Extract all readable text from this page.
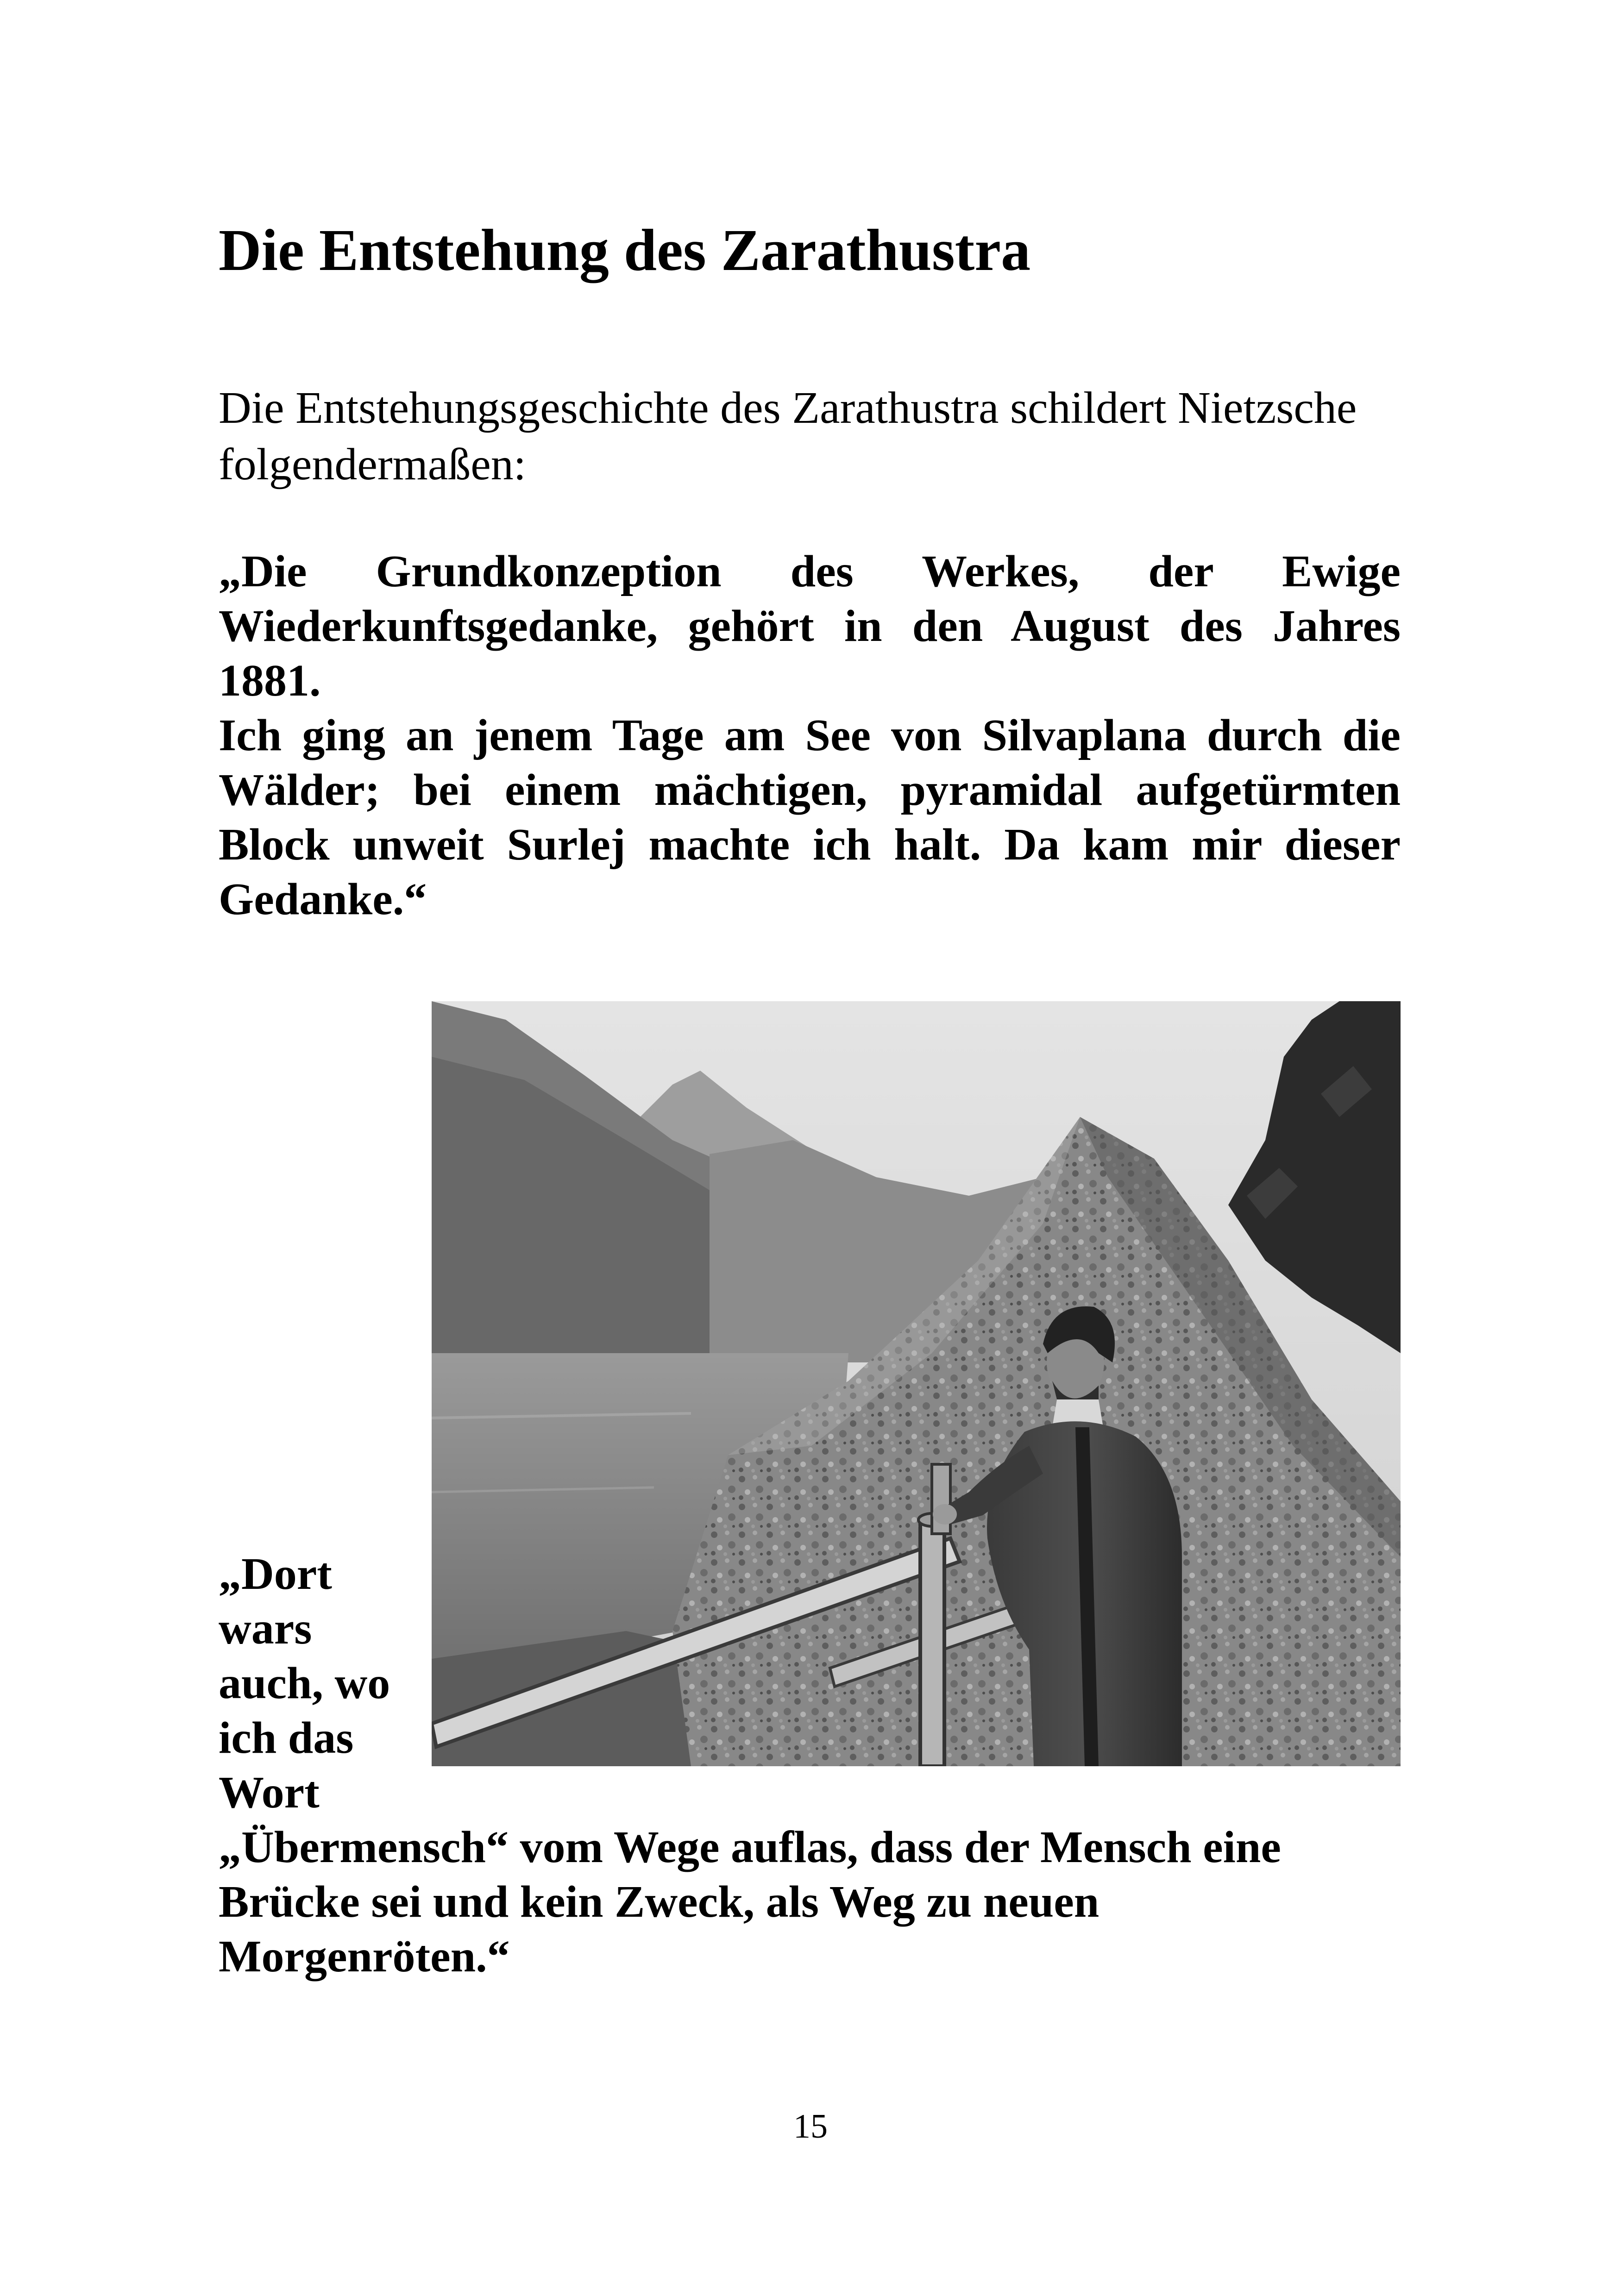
Die Entstehung des Zarathustra

Die Entstehungsgeschichte des Zarathustra schildert Nietzsche
folgendermaßen:

„Die Grundkonzeption des Werkes, der Ewige
Wiederkunftsgedanke, gehört in den August des Jahres
1881.
Ich ging an jenem Tage am See von Silvaplana durch die
Wälder; bei einem mächtigen, pyramidal aufgetürmten
Block unweit Surlej machte ich halt. Da kam mir dieser
Gedanke.“
„Dort
wars
auch, wo
ich das
Wort
„Übermensch“ vom Wege auflas, dass der Mensch eine
Brücke sei und kein Zweck, als Weg zu neuen
Morgenröten.“
15
